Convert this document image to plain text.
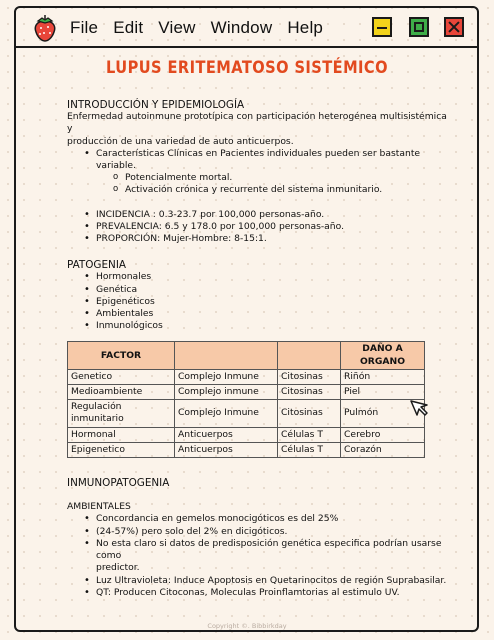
File Edit View Window Help
LUPUS ERITEMATOSO SISTÉMICO
INTRODUCCIÓN Y EPIDEMIOLOGÍA

Enfermedad autoinmune prototípica con participación heterogénea multisistémica y

producción de una variedad de auto anticuerpos.

• Características Clínicas en Pacientes individuales pueden ser bastante variable.
o Potencialmente mortal.
o Activación crónica y recurrente del sistema inmunitario.
• INCIDENCIA : 0.3-23.7 por 100,000 personas-año.
• PREVALENCIA: 6.5 y 178.0 por 100,000 personas-año.
• PROPORCIÓN: Mujer-Hombre: 8-15:1.
PATOGENIA
• Hormonales
• Genética
• Epigenéticos
• Ambientales
• Inmunológicos
FACTOR			DAÑO A ORGANO
Genetico	Complejo Inmune	Citosinas	Riñón
Medioambiente	Complejo inmune	Citosinas	Piel
Regulación inmunitario	Complejo Inmune	Citosinas	Pulmón
Hormonal	Anticuerpos	Células T	Cerebro
Epigenetico	Anticuerpos	Células T	Corazón
INMUNOPATOGENIA
AMBIENTALES
• Concordancia en gemelos monocigóticos es del 25%
• (24-57%) pero solo del 2% en dicigóticos.
• No esta claro si datos de predisposición genética especifica podrían usarse como
predictor.
• Luz Ultravioleta: Induce Apoptosis en Quetarinocitos de región Suprabasilar.
• QT: Producen Citoconas, Moleculas Proinflamtorias al estimulo UV.
Copyright ©. Bibbirkday
